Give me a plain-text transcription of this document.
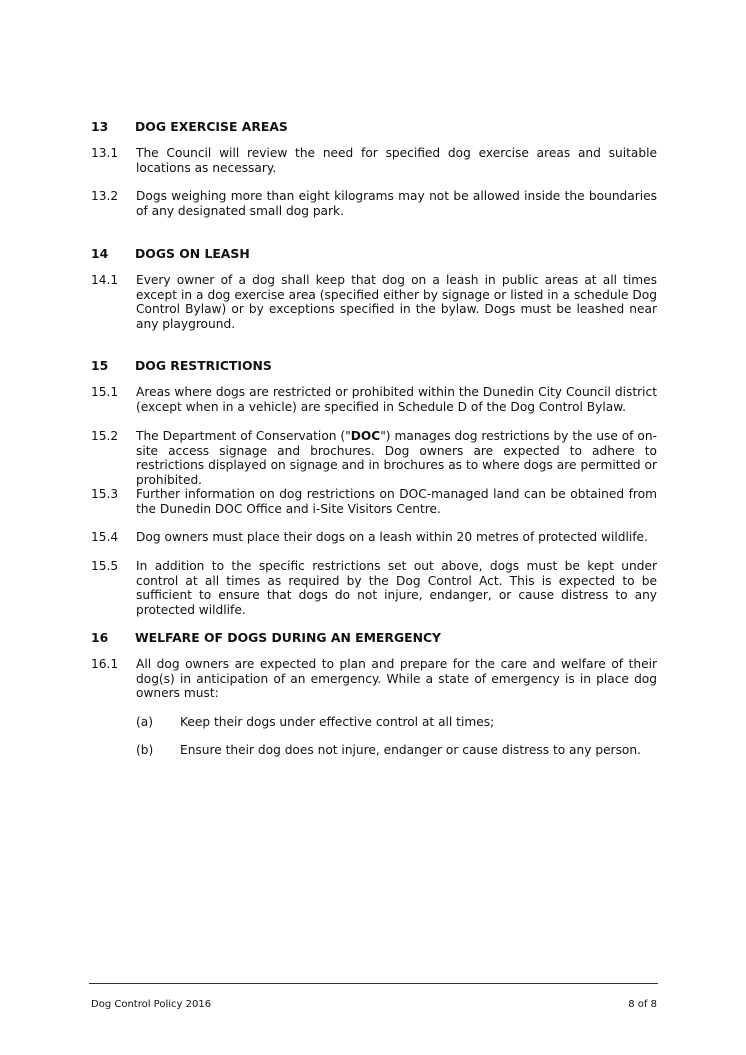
13 DOG EXERCISE AREAS
13.1 The Council will review the need for specified dog exercise areas and suitable locations as necessary.
13.2 Dogs weighing more than eight kilograms may not be allowed inside the boundaries of any designated small dog park.
14 DOGS ON LEASH
14.1 Every owner of a dog shall keep that dog on a leash in public areas at all times except in a dog exercise area (specified either by signage or listed in a schedule Dog Control Bylaw) or by exceptions specified in the bylaw. Dogs must be leashed near any playground.
15 DOG RESTRICTIONS
15.1 Areas where dogs are restricted or prohibited within the Dunedin City Council district (except when in a vehicle) are specified in Schedule D of the Dog Control Bylaw.
15.2 The Department of Conservation ("DOC") manages dog restrictions by the use of on-site access signage and brochures. Dog owners are expected to adhere to restrictions displayed on signage and in brochures as to where dogs are permitted or prohibited.
15.3 Further information on dog restrictions on DOC-managed land can be obtained from the Dunedin DOC Office and i-Site Visitors Centre.
15.4 Dog owners must place their dogs on a leash within 20 metres of protected wildlife.
15.5 In addition to the specific restrictions set out above, dogs must be kept under control at all times as required by the Dog Control Act. This is expected to be sufficient to ensure that dogs do not injure, endanger, or cause distress to any protected wildlife.
16 WELFARE OF DOGS DURING AN EMERGENCY
16.1 All dog owners are expected to plan and prepare for the care and welfare of their dog(s) in anticipation of an emergency. While a state of emergency is in place dog owners must:
(a) Keep their dogs under effective control at all times;
(b) Ensure their dog does not injure, endanger or cause distress to any person.
Dog Control Policy 2016	8 of 8
